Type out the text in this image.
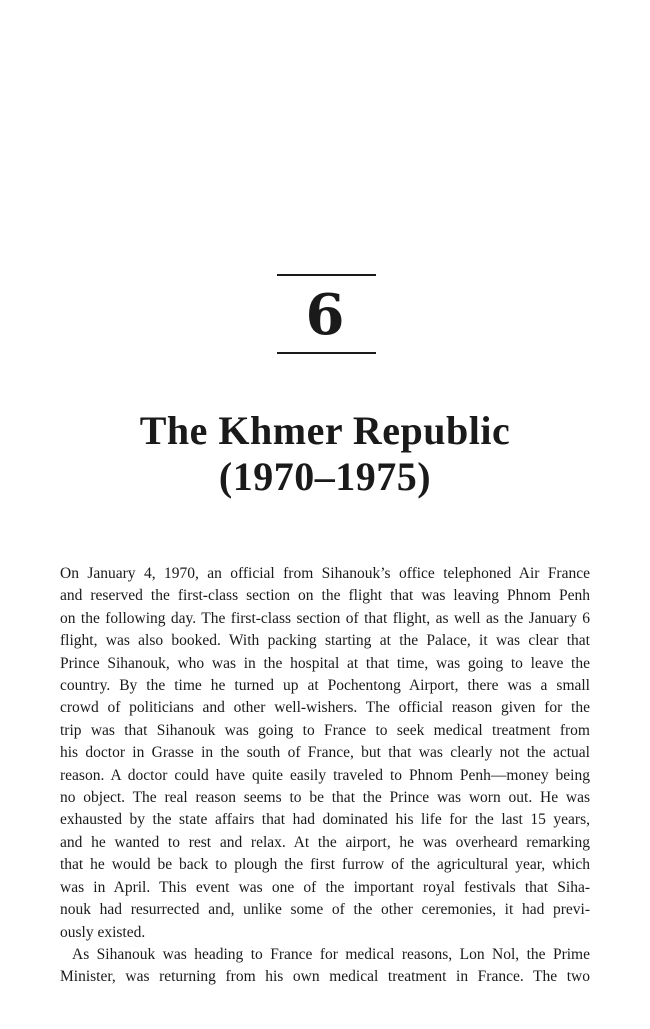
6
The Khmer Republic
(1970–1975)
On January 4, 1970, an official from Sihanouk’s office telephoned Air France
and reserved the first-class section on the flight that was leaving Phnom Penh
on the following day. The first-class section of that flight, as well as the January 6
flight, was also booked. With packing starting at the Palace, it was clear that
Prince Sihanouk, who was in the hospital at that time, was going to leave the
country. By the time he turned up at Pochentong Airport, there was a small
crowd of politicians and other well-wishers. The official reason given for the
trip was that Sihanouk was going to France to seek medical treatment from
his doctor in Grasse in the south of France, but that was clearly not the actual
reason. A doctor could have quite easily traveled to Phnom Penh—money being
no object. The real reason seems to be that the Prince was worn out. He was
exhausted by the state affairs that had dominated his life for the last 15 years,
and he wanted to rest and relax. At the airport, he was overheard remarking
that he would be back to plough the first furrow of the agricultural year, which
was in April. This event was one of the important royal festivals that Siha-
nouk had resurrected and, unlike some of the other ceremonies, it had previ-
ously existed.
As Sihanouk was heading to France for medical reasons, Lon Nol, the Prime
Minister, was returning from his own medical treatment in France. The two
